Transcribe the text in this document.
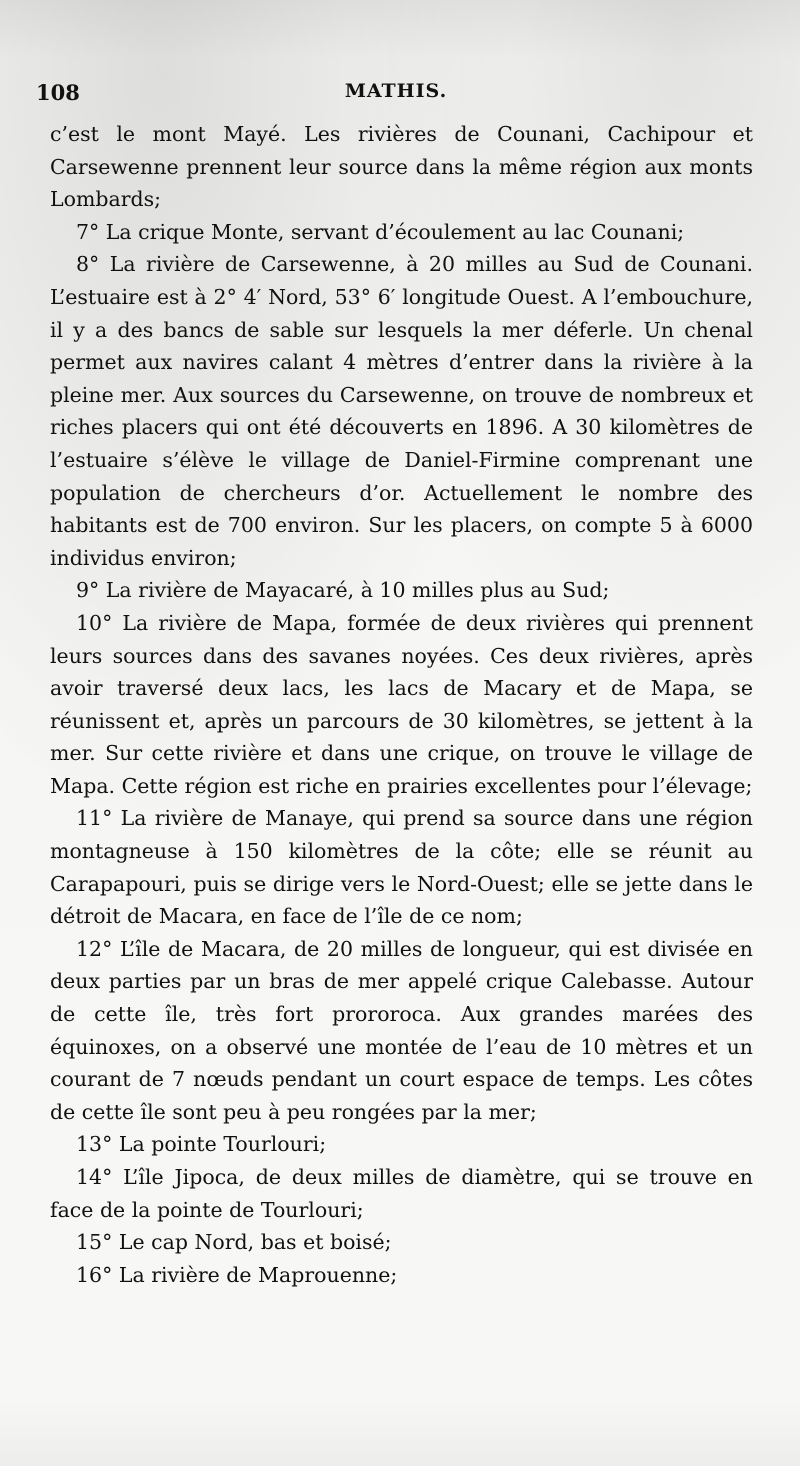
108	MATHIS.

c’est le mont Mayé. Les rivières de Counani, Cachipour et Carsewenne prennent leur source dans la même région aux monts Lombards;

7° La crique Monte, servant d’écoulement au lac Counani;

8° La rivière de Carsewenne, à 20 milles au Sud de Counani. L’estuaire est à 2° 4′ Nord, 53° 6′ longitude Ouest. A l’embouchure, il y a des bancs de sable sur lesquels la mer déferle. Un chenal permet aux navires calant 4 mètres d’entrer dans la rivière à la pleine mer. Aux sources du Carsewenne, on trouve de nombreux et riches placers qui ont été découverts en 1896. A 30 kilomètres de l’estuaire s’élève le village de Daniel-Firmine comprenant une population de chercheurs d’or. Actuellement le nombre des habitants est de 700 environ. Sur les placers, on compte 5 à 6000 individus environ;

9° La rivière de Mayacaré, à 10 milles plus au Sud;

10° La rivière de Mapa, formée de deux rivières qui prennent leurs sources dans des savanes noyées. Ces deux rivières, après avoir traversé deux lacs, les lacs de Macary et de Mapa, se réunissent et, après un parcours de 30 kilomètres, se jettent à la mer. Sur cette rivière et dans une crique, on trouve le village de Mapa. Cette région est riche en prairies excellentes pour l’élevage;

11° La rivière de Manaye, qui prend sa source dans une région montagneuse à 150 kilomètres de la côte; elle se réunit au Carapapouri, puis se dirige vers le Nord-Ouest; elle se jette dans le détroit de Macara, en face de l’île de ce nom;

12° L’île de Macara, de 20 milles de longueur, qui est divisée en deux parties par un bras de mer appelé crique Calebasse. Autour de cette île, très fort prororoca. Aux grandes marées des équinoxes, on a observé une montée de l’eau de 10 mètres et un courant de 7 nœuds pendant un court espace de temps. Les côtes de cette île sont peu à peu rongées par la mer;

13° La pointe Tourlouri;

14° L’île Jipoca, de deux milles de diamètre, qui se trouve en face de la pointe de Tourlouri;

15° Le cap Nord, bas et boisé;

16° La rivière de Maprouenne;
